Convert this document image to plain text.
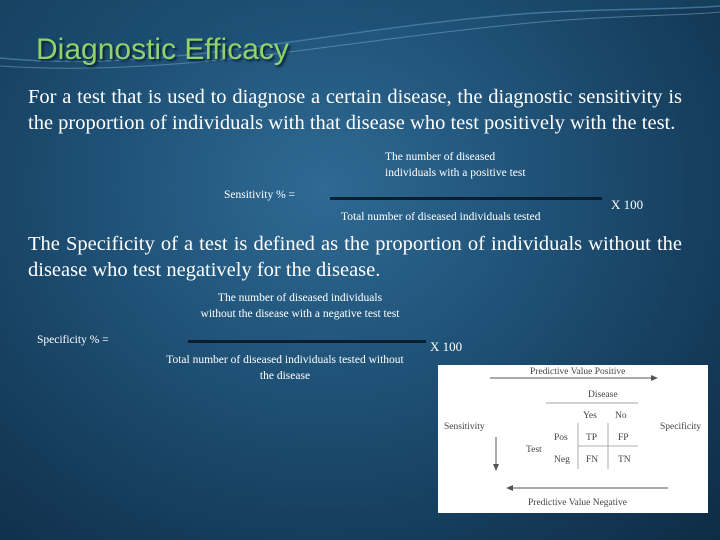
Diagnostic Efficacy

For a test that is used to diagnose a certain disease, the diagnostic sensitivity is the proportion of individuals with that disease who test positively with the test.

The number of diseased
individuals with a positive test

Sensitivity % =

Total number of diseased individuals tested

X 100

The Specificity of a test is defined as the proportion of individuals without the disease who test negatively for the disease.

The number of diseased individuals
without the disease with a negative test test

Specificity % =

Total number of diseased individuals tested without
the disease

X 100

Predictive Value Positive
Disease
Yes No
Sensitivity	Specificity
Test
Pos
Neg
TP FP
FN TN
Predictive Value Negative
